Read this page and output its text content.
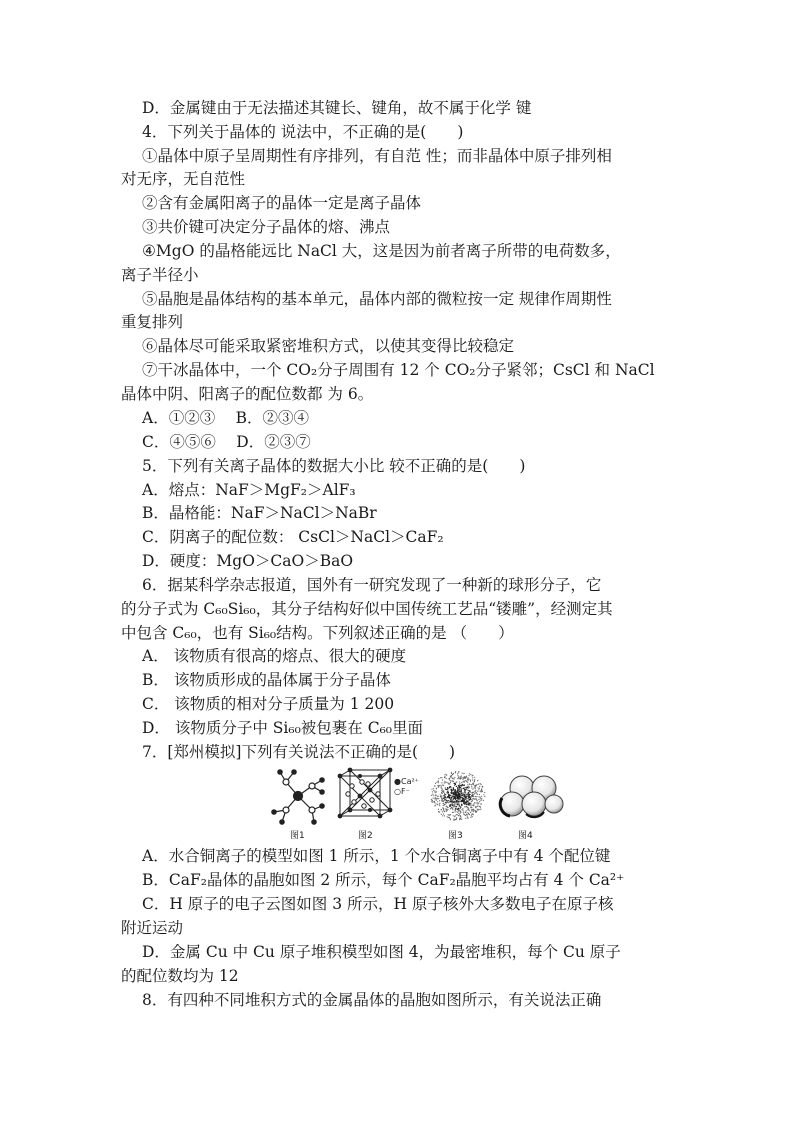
D．金属键由于无法描述其键长、键角，故不属于化学 键
4．下列关于晶体的 说法中，不正确的是(　　)
①晶体中原子呈周期性有序排列，有自范 性；而非晶体中原子排列相
对无序，无自范性
②含有金属阳离子的晶体一定是离子晶体
③共价键可决定分子晶体的熔、沸点
④MgO 的晶格能远比 NaCl 大，这是因为前者离子所带的电荷数多，
离子半径小
⑤晶胞是晶体结构的基本单元，晶体内部的微粒按一定 规律作周期性
重复排列
⑥晶体尽可能采取紧密堆积方式，以使其变得比较稳定
⑦干冰晶体中，一个 CO₂分子周围有 12 个 CO₂分子紧邻；CsCl 和 NaCl
晶体中阴、阳离子的配位数都 为 6。
A．①②③　 B．②③④
C．④⑤⑥　 D．②③⑦
5．下列有关离子晶体的数据大小比 较不正确的是(　　)
A．熔点：NaF＞MgF₂＞AlF₃
B．晶格能：NaF＞NaCl＞NaBr
C．阴离子的配位数： CsCl＞NaCl＞CaF₂
D．硬度：MgO＞CaO＞BaO
6．据某科学杂志报道，国外有一研究发现了一种新的球形分子，它
的分子式为 C₆₀Si₆₀，其分子结构好似中国传统工艺品“镂雕”，经测定其
中包含 C₆₀，也有 Si₆₀结构。下列叙述正确的是 （　　）
A． 该物质有很高的熔点、很大的硬度
B． 该物质形成的晶体属于分子晶体
C． 该物质的相对分子质量为 1 200
D． 该物质分子中 Si₆₀被包裹在 C₆₀里面
7．[郑州模拟]下列有关说法不正确的是(　　)
●Ca²⁺
○F⁻
图1	图2	图3	图4
A．水合铜离子的模型如图 1 所示，1 个水合铜离子中有 4 个配位键
B．CaF₂晶体的晶胞如图 2 所示，每个 CaF₂晶胞平均占有 4 个 Ca²⁺
C．H 原子的电子云图如图 3 所示，H 原子核外大多数电子在原子核
附近运动
D．金属 Cu 中 Cu 原子堆积模型如图 4，为最密堆积，每个 Cu 原子
的配位数均为 12
8．有四种不同堆积方式的金属晶体的晶胞如图所示，有关说法正确
